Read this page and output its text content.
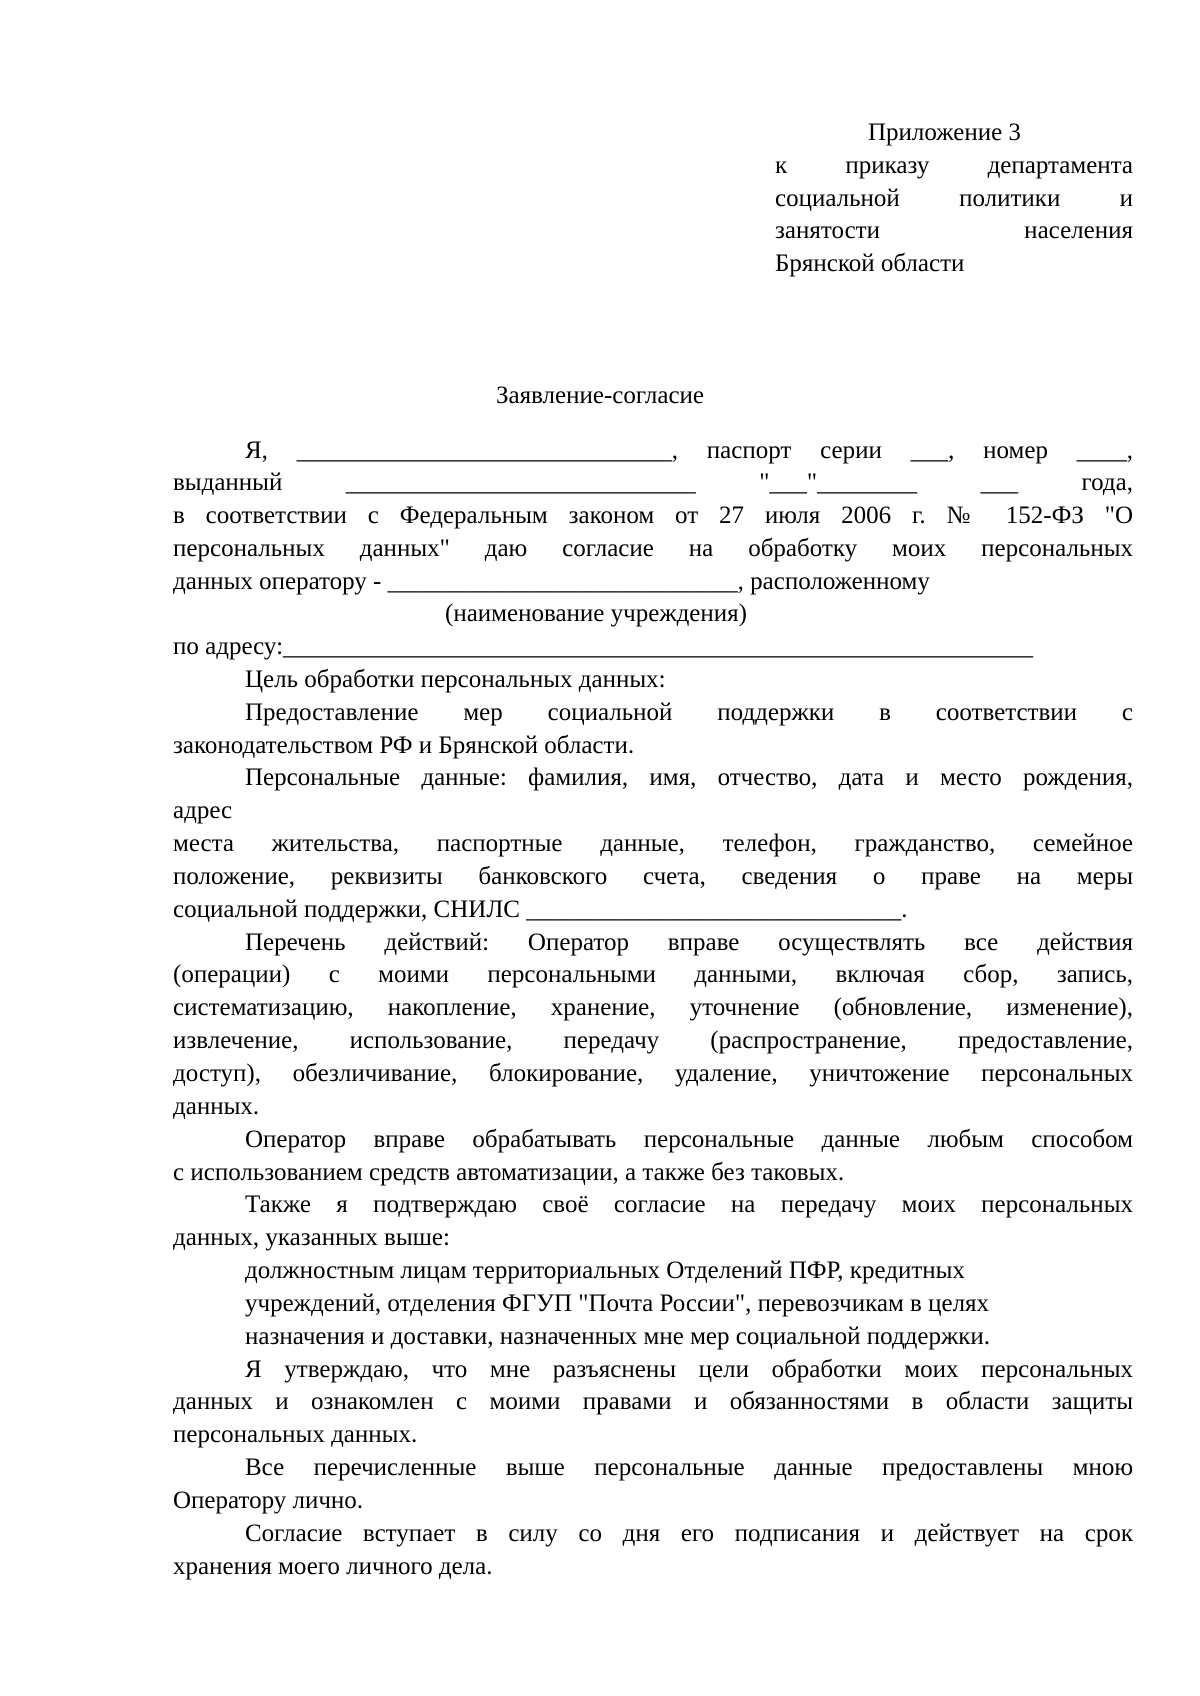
Приложение 3
к приказу департамента
социальной политики и
занятости населения
Брянской области
Заявление-согласие
Я, ______________________________, паспорт серии ___, номер ____,
выданный ____________________________ "___"________ ___ года,
в соответствии с Федеральным законом от 27 июля 2006 г. № 152-ФЗ "О
персональных данных" даю согласие на обработку моих персональных
данных оператору - ____________________________, расположенному
(наименование учреждения)
по адресу:____________________________________________________________
Цель обработки персональных данных:
Предоставление мер социальной поддержки в соответствии с
законодательством РФ и Брянской области.
Персональные данные: фамилия, имя, отчество, дата и место рождения,
адрес
места жительства, паспортные данные, телефон, гражданство, семейное
положение, реквизиты банковского счета, сведения о праве на меры
социальной поддержки, СНИЛС ______________________________.
Перечень действий: Оператор вправе осуществлять все действия
(операции) с моими персональными данными, включая сбор, запись,
систематизацию, накопление, хранение, уточнение (обновление, изменение),
извлечение, использование, передачу (распространение, предоставление,
доступ), обезличивание, блокирование, удаление, уничтожение персональных
данных.
Оператор вправе обрабатывать персональные данные любым способом
с использованием средств автоматизации, а также без таковых.
Также я подтверждаю своё согласие на передачу моих персональных
данных, указанных выше:
должностным лицам территориальных Отделений ПФР, кредитных
учреждений, отделения ФГУП "Почта России", перевозчикам в целях
назначения и доставки, назначенных мне мер социальной поддержки.
Я утверждаю, что мне разъяснены цели обработки моих персональных
данных и ознакомлен с моими правами и обязанностями в области защиты
персональных данных.
Все перечисленные выше персональные данные предоставлены мною
Оператору лично.
Согласие вступает в силу со дня его подписания и действует на срок
хранения моего личного дела.
